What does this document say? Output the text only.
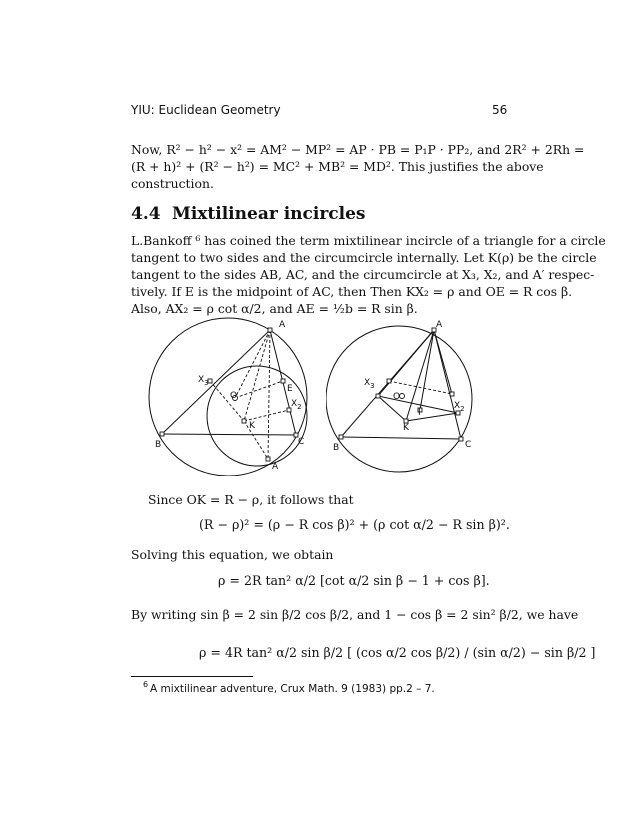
YIU: Euclidean Geometry	56
Now, R² − h² − x² = AM² − MP² = AP · PB = P₁P · PP₂, and 2R² + 2Rh =
(R + h)² + (R² − h²) = MC² + MB² = MD². This justifies the above
construction.
4.4 Mixtilinear incircles
L.Bankoff ⁶ has coined the term mixtilinear incircle of a triangle for a circle
tangent to two sides and the circumcircle internally. Let K(ρ) be the circle
tangent to the sides AB, AC, and the circumcircle at X₃, X₂, and A′ respec-
tively. If E is the midpoint of AC, then Then KX₂ = ρ and OE = R cos β.
Also, AX₂ = ρ cot α/2, and AE = ½b = R sin β.
A
B	C
E
K
O
$X_3$
$X_2$
A′
A
B	C
K
O
I
$X_3$
$X_2$
Since OK = R − ρ, it follows that
(R − ρ)² = (ρ − R cos β)² + (ρ cot α/2 − R sin β)².
Solving this equation, we obtain
ρ = 2R tan² α/2 [cot α/2 sin β − 1 + cos β].
By writing sin β = 2 sin β/2 cos β/2, and 1 − cos β = 2 sin² β/2, we have
ρ = 4R tan² α/2 sin β/2 [ (cos α/2 cos β/2) / (sin α/2) − sin β/2 ]
6 A mixtilinear adventure, Crux Math. 9 (1983) pp.2 – 7.
